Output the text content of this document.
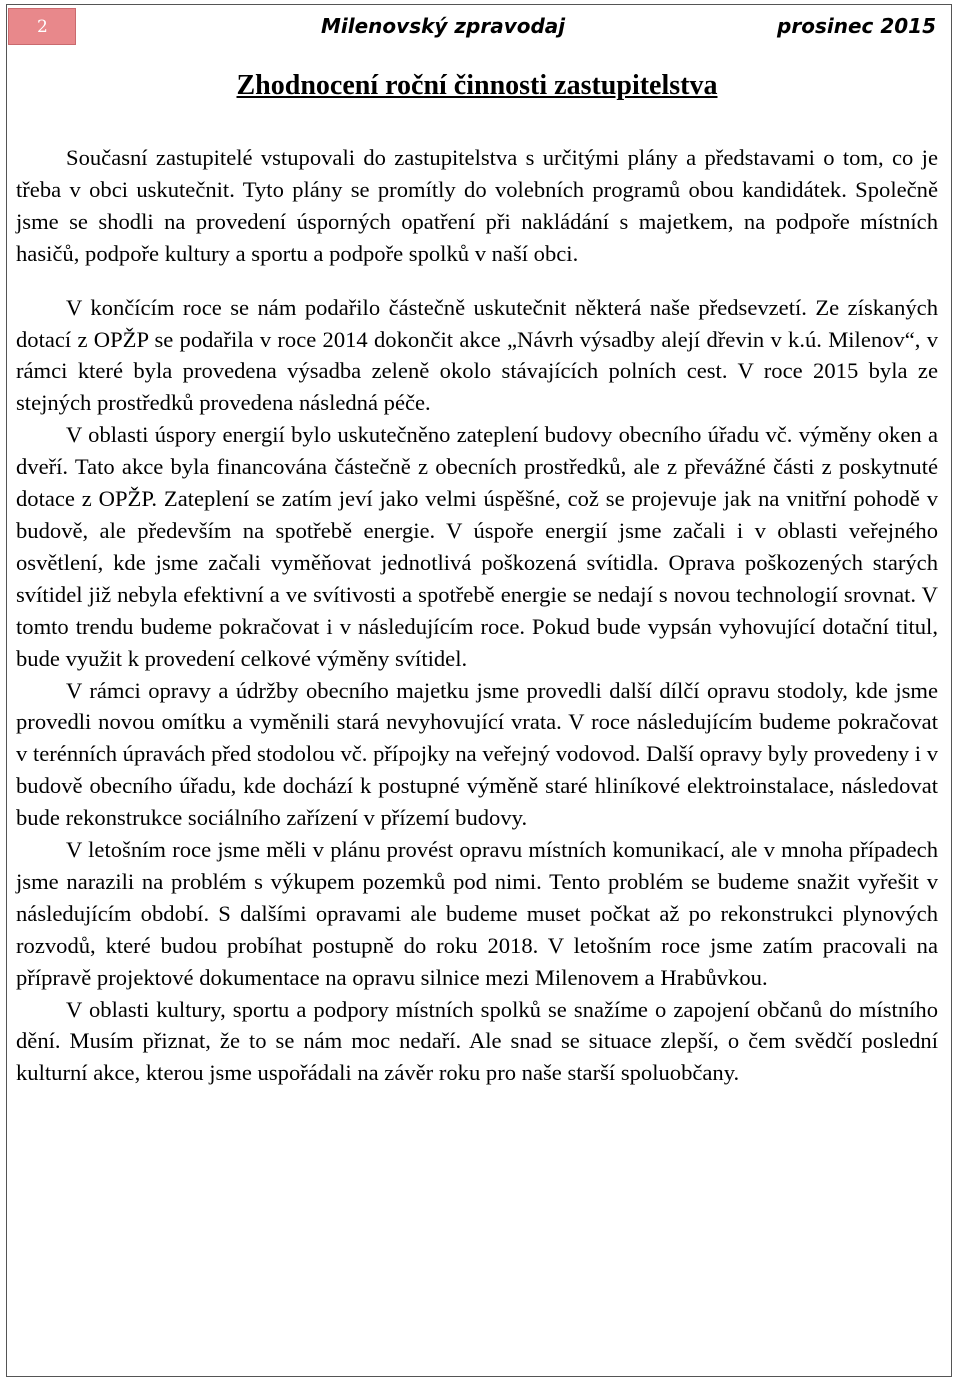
2	Milenovský zpravodaj	prosinec 2015
Zhodnocení roční činnosti zastupitelstva

Současní zastupitelé vstupovali do zastupitelstva s určitými plány a představami o tom, co je třeba v obci uskutečnit. Tyto plány se promítly do volebních programů obou kandidátek. Společně jsme se shodli na provedení úsporných opatření při nakládání s majetkem, na podpoře místních hasičů, podpoře kultury a sportu a podpoře spolků v naší obci.

V končícím roce se nám podařilo částečně uskutečnit některá naše předsevzetí. Ze získaných dotací z OPŽP se podařila v roce 2014 dokončit akce „Návrh výsadby alejí dřevin v k.ú. Milenov“, v rámci které byla provedena výsadba zeleně okolo stávajících polních cest. V roce 2015 byla ze stejných prostředků provedena následná péče.

V oblasti úspory energií bylo uskutečněno zateplení budovy obecního úřadu vč. výměny oken a dveří. Tato akce byla financována částečně z obecních prostředků, ale z převážné části z poskytnuté dotace z OPŽP. Zateplení se zatím jeví jako velmi úspěšné, což se projevuje jak na vnitřní pohodě v budově, ale především na spotřebě energie. V úspoře energií jsme začali i v oblasti veřejného osvětlení, kde jsme začali vyměňovat jednotlivá poškozená svítidla. Oprava poškozených starých svítidel již nebyla efektivní a ve svítivosti a spotřebě energie se nedají s novou technologií srovnat. V tomto trendu budeme pokračovat i v následujícím roce. Pokud bude vypsán vyhovující dotační titul, bude využit k provedení celkové výměny svítidel.

V rámci opravy a údržby obecního majetku jsme provedli další dílčí opravu stodoly, kde jsme provedli novou omítku a vyměnili stará nevyhovující vrata. V roce následujícím budeme pokračovat v terénních úpravách před stodolou vč. přípojky na veřejný vodovod. Další opravy byly provedeny i v budově obecního úřadu, kde dochází k postupné výměně staré hliníkové elektroinstalace, následovat bude rekonstrukce sociálního zařízení v přízemí budovy.

V letošním roce jsme měli v plánu provést opravu místních komunikací, ale v mnoha případech jsme narazili na problém s výkupem pozemků pod nimi. Tento problém se budeme snažit vyřešit v následujícím období. S dalšími opravami ale budeme muset počkat až po rekonstrukci plynových rozvodů, které budou probíhat postupně do roku 2018. V letošním roce jsme zatím pracovali na přípravě projektové dokumentace na opravu silnice mezi Milenovem a Hrabůvkou.

V oblasti kultury, sportu a podpory místních spolků se snažíme o zapojení občanů do místního dění. Musím přiznat, že to se nám moc nedaří. Ale snad se situace zlepší, o čem svědčí poslední kulturní akce, kterou jsme uspořádali na závěr roku pro naše starší spoluobčany.
